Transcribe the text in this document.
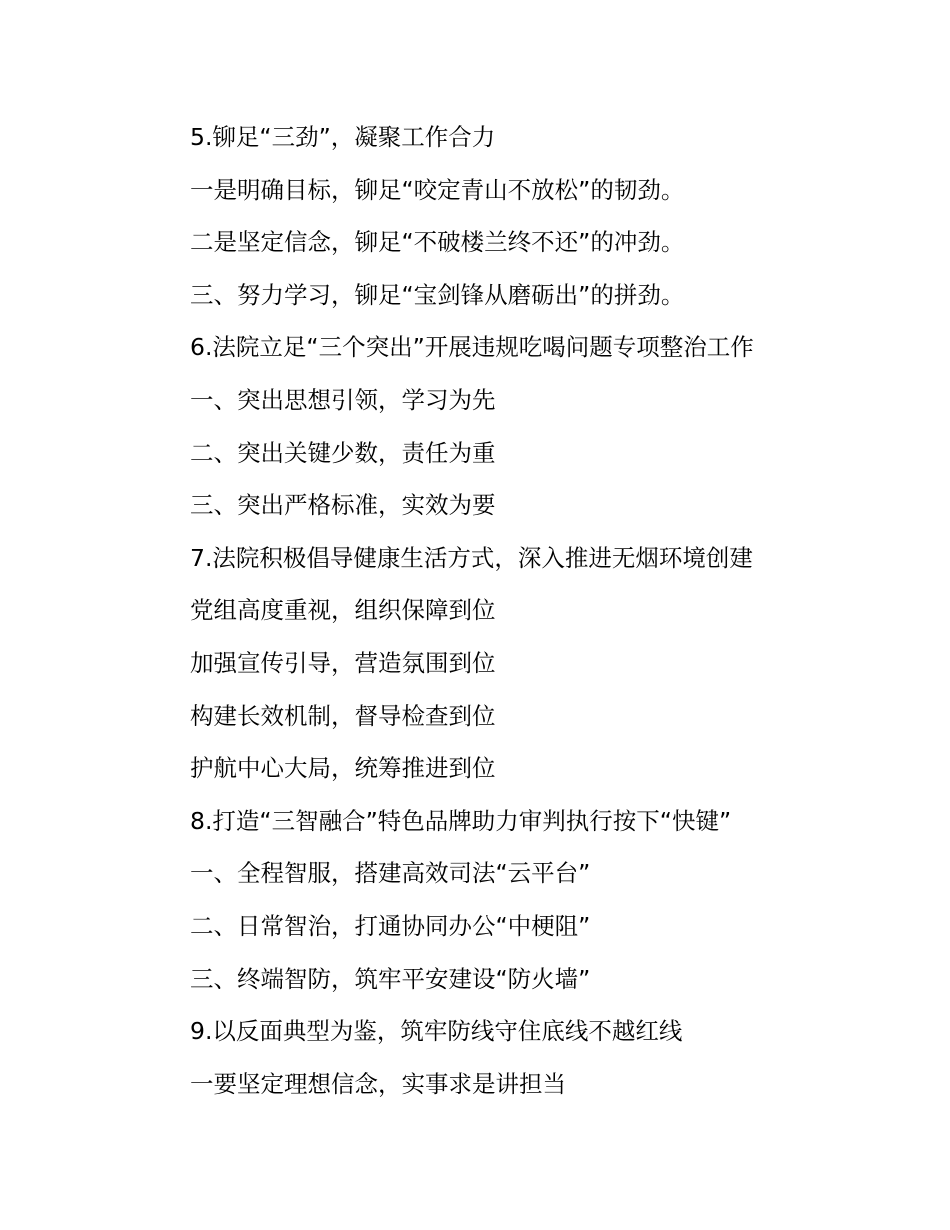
5.铆足“三劲”，凝聚工作合力
一是明确目标，铆足“咬定青山不放松”的韧劲。
二是坚定信念，铆足“不破楼兰终不还”的冲劲。
三、努力学习，铆足“宝剑锋从磨砺出”的拼劲。
6.法院立足“三个突出”开展违规吃喝问题专项整治工作
一、突出思想引领，学习为先
二、突出关键少数，责任为重
三、突出严格标准，实效为要
7.法院积极倡导健康生活方式，深入推进无烟环境创建
党组高度重视，组织保障到位
加强宣传引导，营造氛围到位
构建长效机制，督导检查到位
护航中心大局，统筹推进到位
8.打造“三智融合”特色品牌助力审判执行按下“快键”
一、全程智服，搭建高效司法“云平台”
二、日常智治，打通协同办公“中梗阻”
三、终端智防，筑牢平安建设“防火墙”
9.以反面典型为鉴，筑牢防线守住底线不越红线
一要坚定理想信念，实事求是讲担当
